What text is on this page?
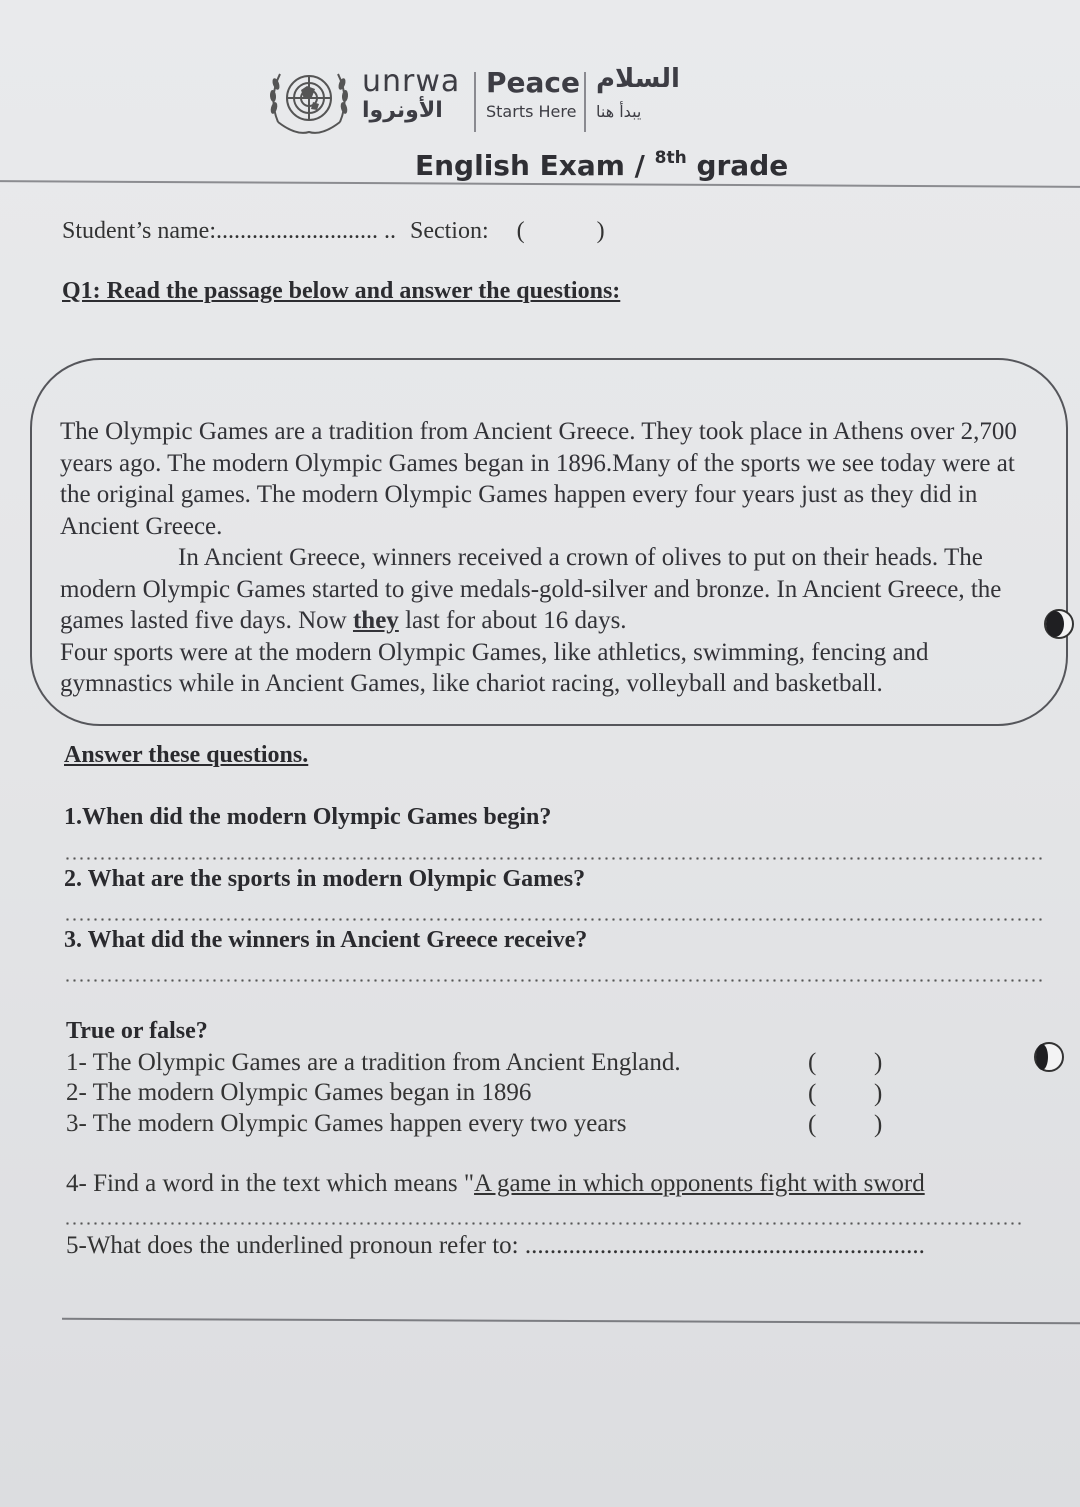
unrwa
الأونروا
Peace
Starts Here
السلام
يبدأ هنا
English Exam / $^{8th}$ grade
Student’s name:........................... .. Section: (	)
Q1: Read the passage below and answer the questions:

The Olympic Games are a tradition from Ancient Greece. They took place in Athens over 2,700 years ago. The modern Olympic Games began in 1896.Many of the sports we see today were at the original games. The modern Olympic Games happen every four years just as they did in Ancient Greece.

In Ancient Greece, winners received a crown of olives to put on their heads. The modern Olympic Games started to give medals-gold-silver and bronze. In Ancient Greece, the games lasted five days. Now they last for about 16 days.

Four sports were at the modern Olympic Games, like athletics, swimming, fencing and gymnastics while in Ancient Games, like chariot racing, volleyball and basketball.

Answer these questions.
1.When did the modern Olympic Games begin?
2. What are the sports in modern Olympic Games?
3. What did the winners in Ancient Greece receive?
True or false?
1- The Olympic Games are a tradition from Ancient England.
2- The modern Olympic Games began in 1896
3- The modern Olympic Games happen every two years
( )
( )
( )
4- Find a word in the text which means "A game in which opponents fight with sword
5-What does the underlined pronoun refer to: ................................................................
